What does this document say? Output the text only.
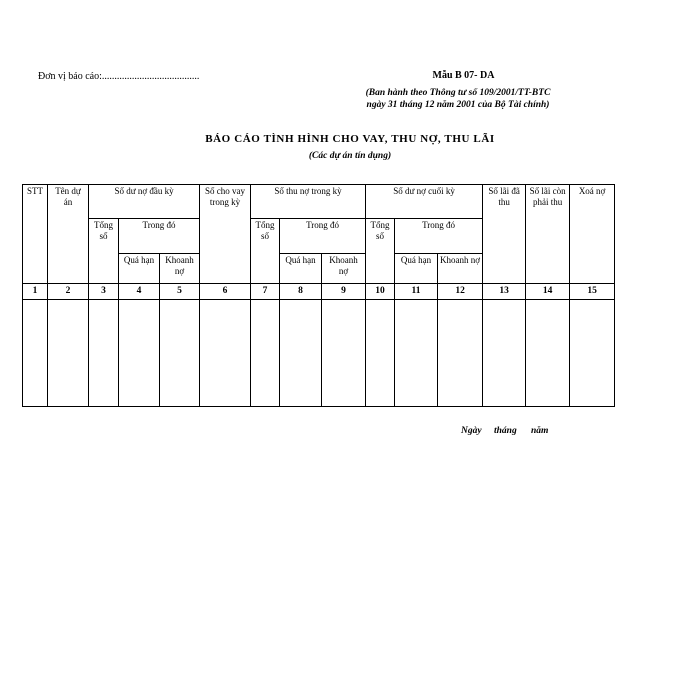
Đơn vị báo cáo:.......................................	Mẫu B 07- DA
(Ban hành theo Thông tư số 109/2001/TT-BTC
ngày 31 tháng 12 năm 2001 của Bộ Tài chính)
BÁO CÁO TÌNH HÌNH CHO VAY, THU NỢ, THU LÃI
(Các dự án tín dụng)
STT	Tên dự án	Số dư nợ đầu kỳ			Số cho vay trong kỳ	Số thu nợ trong kỳ			Số dư nợ cuối kỳ			Số lãi đã thu	Số lãi còn phải thu	Xoá nợ
		Tổng số	Trong đó			Tổng số	Trong đó		Tổng số	Trong đó				
			Quá hạn	Khoanh nợ			Quá hạn	Khoanh nợ		Quá hạn	Khoanh nợ			
1	2	3	4	5	6	7	8	9	10	11	12	13	14	15

Ngày tháng năm
